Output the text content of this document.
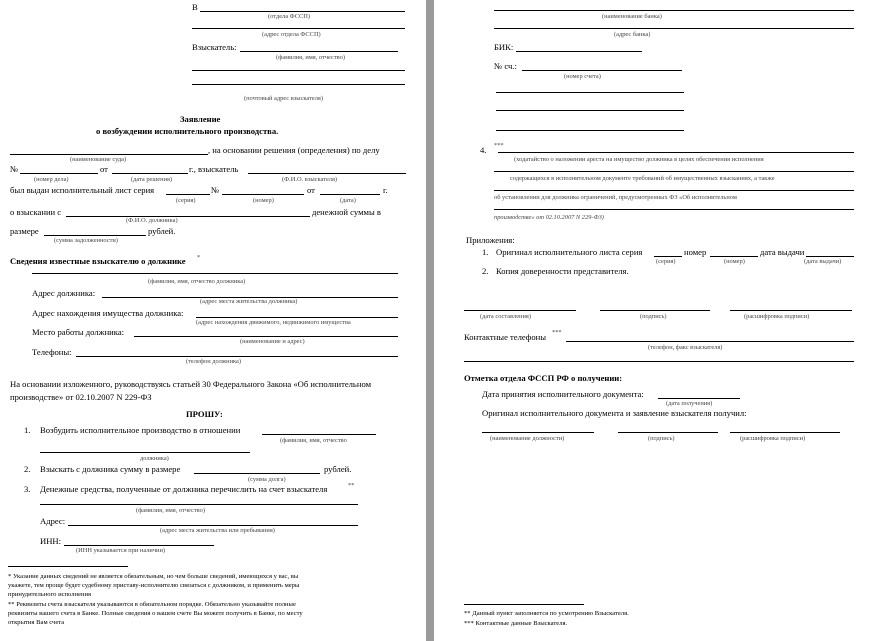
В
(отдела ФССП)
(адрес отдела ФССП)
Взыскатель:
(фамилия, имя, отчество)
(почтовый адрес взыскателя)
Заявление
о возбуждении исполнительного производства.
, на основании решения (определения) по делу
(наименование суда)
№	от	г., взыскатель
(номер дела)	(дата решения)	(Ф.И.О. взыскателя)
был выдан исполнительный лист серия	№	от	г.
(серия)	(номер)	(дата)
о взыскании с	денежной суммы в
(Ф.И.О. должника)
размере	рублей.
(сумма задолженности)
Сведения известные взыскателю о должнике *
(фамилия, имя, отчество должника)
Адрес должника:
(адрес места жительства должника)
Адрес нахождения имущества должника:
(адрес нахождения движимого, недвижимого имущества
Место работы должника:
(наименование и адрес)
Телефоны:
(телефон должника)
На основании изложенного, руководствуясь статьей 30 Федерального Закона «Об исполнительном
производстве» от 02.10.2007 N 229-ФЗ
ПРОШУ:
1. Возбудить исполнительное производство в отношении
(фамилия, имя, отчество
должника)
2. Взыскать с должника сумму в размере	рублей.
(сумма долга)
3. Денежные средства, полученные от должника перечислить на счет взыскателя	**
(фамилия, имя, отчество)
Адрес:
(адрес места жительства или пребывания)
ИНН:
(ИНН указывается при наличии)
* Указание данных сведений не является обязательным, но чем больше сведений, имеющихся у вас, вы
укажете, тем проще будет судебному приставу-исполнителю связаться с должником, и применить меры
принудительного исполнения
** Реквизиты счета взыскателя указываются в обязательном порядке. Обязательно указывайте полные
реквизиты вашего счета в Банке. Полные сведения о вашем счете Вы можете получить в Банке, по месту
открытия Вам счета
(наименование банка)
(адрес банка)
БИК:
№ сч.:
(номер счета)
4. ***
(ходатайство о наложении ареста на имущество должника в целях обеспечения исполнения
содержащихся в исполнительном документе требований об имущественных взысканиях, а также
об установлении для должника ограничений, предусмотренных ФЗ «Об исполнительном
производстве» от 02.10.2007 N 229-ФЗ)
Приложения:
1. Оригинал исполнительного листа серия	номер	дата выдачи
(серия)	(номер)	(дата выдачи)
2. Копия доверенности представителя.
(дата составления)	(подпись)	(расшифровка подписи)
Контактные телефоны ***
(телефон, факс взыскателя)
Отметка отдела ФССП РФ о получении:
Дата принятия исполнительного документа:
(дата получения)
Оригинал исполнительного документа и заявление взыскателя получил:
(наименование должности)	(подпись)	(расшифровка подписи)
** Данный пункт заполняется по усмотрению Взыскателя.
*** Контактные данные Взыскателя.
